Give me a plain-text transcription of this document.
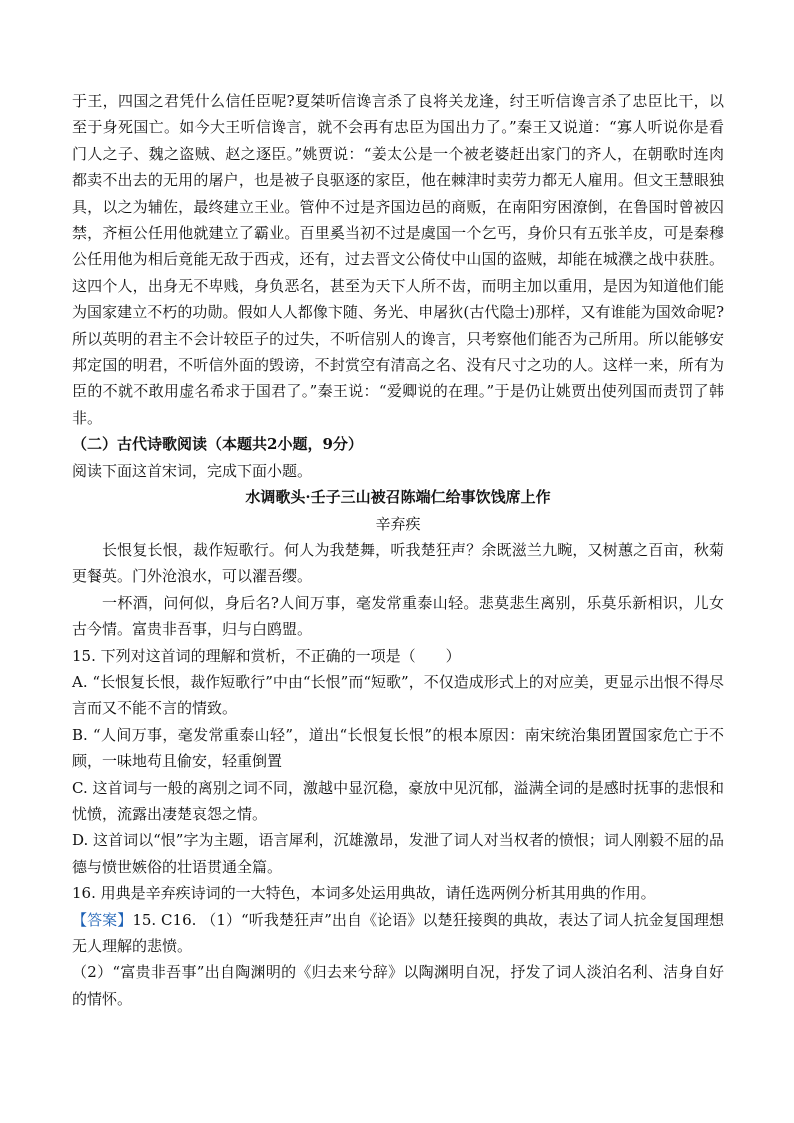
于王，四国之君凭什么信任臣呢?夏桀听信谗言杀了良将关龙逢，纣王听信谗言杀了忠臣比干，以至于身死国亡。如今大王听信谗言，就不会再有忠臣为国出力了。”秦王又说道：“寡人听说你是看门人之子、魏之盗贼、赵之逐臣。”姚贾说：“姜太公是一个被老婆赶出家门的齐人，在朝歌时连肉都卖不出去的无用的屠户，也是被子良驱逐的家臣，他在棘津时卖劳力都无人雇用。但文王慧眼独具，以之为辅佐，最终建立王业。管仲不过是齐国边邑的商贩，在南阳穷困潦倒，在鲁国时曾被囚禁，齐桓公任用他就建立了霸业。百里奚当初不过是虞国一个乞丐，身价只有五张羊皮，可是秦穆公任用他为相后竟能无敌于西戎，还有，过去晋文公倚仗中山国的盗贼，却能在城濮之战中获胜。这四个人，出身无不卑贱，身负恶名，甚至为天下人所不齿，而明主加以重用，是因为知道他们能为国家建立不朽的功勋。假如人人都像卞随、务光、申屠狄(古代隐士)那样，又有谁能为国效命呢?所以英明的君主不会计较臣子的过失，不听信别人的谗言，只考察他们能否为己所用。所以能够安邦定国的明君，不听信外面的毁谤，不封赏空有清高之名、没有尺寸之功的人。这样一来，所有为臣的不就不敢用虚名希求于国君了。”秦王说：“爱卿说的在理。”于是仍让姚贾出使列国而责罚了韩非。

（二）古代诗歌阅读（本题共2小题，9分）

阅读下面这首宋词，完成下面小题。

水调歌头·壬子三山被召陈端仁给事饮饯席上作

辛弃疾

长恨复长恨，裁作短歌行。何人为我楚舞，听我楚狂声？余既滋兰九畹，又树蕙之百亩，秋菊更餐英。门外沧浪水，可以濯吾缨。

一杯酒，问何似，身后名?人间万事，毫发常重泰山轻。悲莫悲生离别，乐莫乐新相识，儿女古今情。富贵非吾事，归与白鸥盟。

15. 下列对这首词的理解和赏析，不正确的一项是（　　）

A. “长恨复长恨，裁作短歌行”中由“长恨”而“短歌”，不仅造成形式上的对应美，更显示出恨不得尽言而又不能不言的情致。

B. “人间万事，毫发常重泰山轻”，道出“长恨复长恨”的根本原因：南宋统治集团置国家危亡于不顾，一味地苟且偷安，轻重倒置

C. 这首词与一般的离别之词不同，激越中显沉稳，豪放中见沉郁，溢满全词的是感时抚事的悲恨和忧愤，流露出凄楚哀怨之情。

D. 这首词以“恨”字为主题，语言犀利，沉雄激昂，发泄了词人对当权者的愤恨；词人刚毅不屈的品德与愤世嫉俗的壮语贯通全篇。

16. 用典是辛弃疾诗词的一大特色，本词多处运用典故，请任选两例分析其用典的作用。

【答案】15. C16. （1）“听我楚狂声”出自《论语》以楚狂接舆的典故，表达了词人抗金复国理想无人理解的悲愤。

（2）“富贵非吾事”出自陶渊明的《归去来兮辞》以陶渊明自况，抒发了词人淡泊名利、洁身自好的情怀。
